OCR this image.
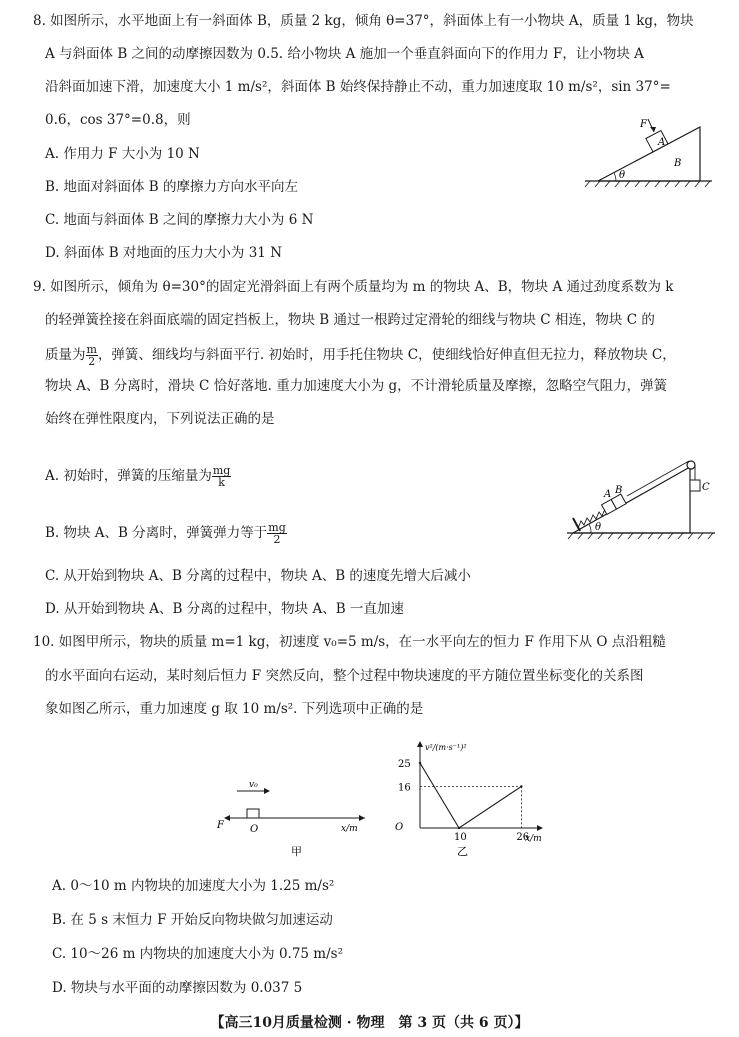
8. 如图所示，水平地面上有一斜面体 B，质量 2 kg，倾角 θ=37°，斜面体上有一小物块 A，质量 1 kg，物块
A 与斜面体 B 之间的动摩擦因数为 0.5. 给小物块 A 施加一个垂直斜面向下的作用力 F，让小物块 A
沿斜面加速下滑，加速度大小 1 m/s²，斜面体 B 始终保持静止不动，重力加速度取 10 m/s²，sin 37°=
0.6，cos 37°=0.8，则
A. 作用力 F 大小为 10 N
B. 地面对斜面体 B 的摩擦力方向水平向左
C. 地面与斜面体 B 之间的摩擦力大小为 6 N
D. 斜面体 B 对地面的压力大小为 31 N
F
A
B
θ
9. 如图所示，倾角为 θ=30°的固定光滑斜面上有两个质量均为 m 的物块 A、B，物块 A 通过劲度系数为 k
的轻弹簧拴接在斜面底端的固定挡板上，物块 B 通过一根跨过定滑轮的细线与物块 C 相连，物块 C 的
质量为 $\frac{m}{2}$ ，弹簧、细线均与斜面平行. 初始时，用手托住物块 C，使细线恰好伸直但无拉力，释放物块 C，
物块 A、B 分离时，滑块 C 恰好落地. 重力加速度大小为 g，不计滑轮质量及摩擦，忽略空气阻力，弹簧
始终在弹性限度内，下列说法正确的是
A. 初始时，弹簧的压缩量为 $\frac{mg}{k}$
B. 物块 A、B 分离时，弹簧弹力等于 $\frac{mg}{2}$
C. 从开始到物块 A、B 分离的过程中，物块 A、B 的速度先增大后减小
D. 从开始到物块 A、B 分离的过程中，物块 A、B 一直加速
A B	C
θ
10. 如图甲所示，物块的质量 m=1 kg，初速度 v₀=5 m/s，在一水平向左的恒力 F 作用下从 O 点沿粗糙
的水平面向右运动，某时刻后恒力 F 突然反向，整个过程中物块速度的平方随位置坐标变化的关系图
象如图乙所示，重力加速度 g 取 10 m/s². 下列选项中正确的是
v₀
F	O	x/m
甲
O
v²/(m·s⁻¹)²
x/m
25
16
10	26
乙
A. 0～10 m 内物块的加速度大小为 1.25 m/s²
B. 在 5 s 末恒力 F 开始反向物块做匀加速运动
C. 10～26 m 内物块的加速度大小为 0.75 m/s²
D. 物块与水平面的动摩擦因数为 0.037 5
【高三10月质量检测 · 物理　第 3 页（共 6 页）】
